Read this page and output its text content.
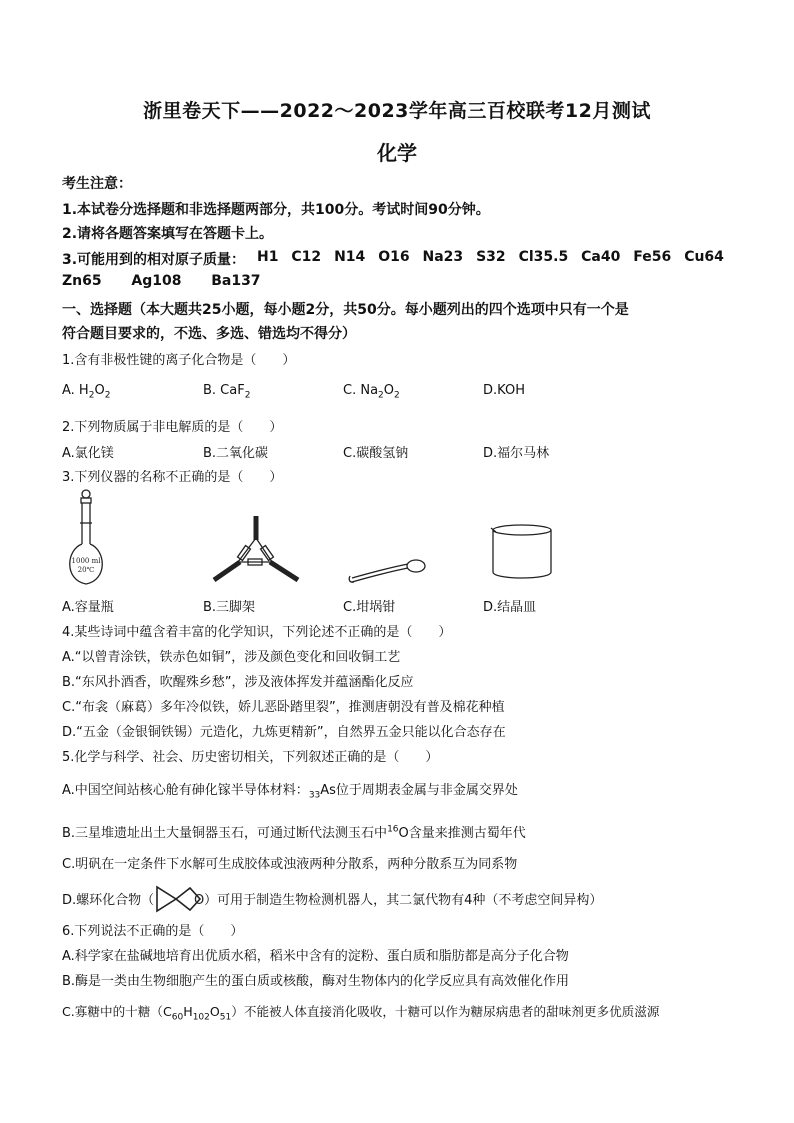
浙里卷天下——2022～2023学年高三百校联考12月测试
化学
考生注意：
1.本试卷分选择题和非选择题两部分，共100分。考试时间90分钟。
2.请将各题答案填写在答题卡上。
3.可能用到的相对原子质量： H1 C12 N14 O16 Na23 S32 Cl35.5 Ca40 Fe56 Cu64
Zn65 Ag108 Ba137
一、选择题（本大题共25小题，每小题2分，共50分。每小题列出的四个选项中只有一个是
符合题目要求的，不选、多选、错选均不得分）
1.含有非极性键的离子化合物是（　　）
A. $H_2O_2$	B. CaF$_2$	C. $Na_2O_2$	D.KOH
2.下列物质属于非电解质的是（　　）
A.氯化镁	B.二氧化碳	C.碳酸氢钠	D.福尔马林
3.下列仪器的名称不正确的是（　　）
1000 ml
20℃
A.容量瓶	B.三脚架	C.坩埚钳	D.结晶皿
4.某些诗词中蕴含着丰富的化学知识，下列论述不正确的是（　　）
A.“以曾青涂铁，铁赤色如铜”，涉及颜色变化和回收铜工艺
B.“东风扑酒香，吹醒殊乡愁”，涉及液体挥发并蕴涵酯化反应
C.“布衾（麻葛）多年冷似铁，娇儿恶卧踏里裂”，推测唐朝没有普及棉花种植
D.“五金（金银铜铁锡）元造化，九炼更精新”，自然界五金只能以化合态存在
5.化学与科学、社会、历史密切相关，下列叙述正确的是（　　）
A.中国空间站核心舱有砷化镓半导体材料：$_{33}$As位于周期表金属与非金属交界处
B.三星堆遗址出土大量铜器玉石，可通过断代法测玉石中$^{16}$O含量来推测古蜀年代
C.明矾在一定条件下水解可生成胶体或浊液两种分散系，两种分散系互为同系物
D.螺环化合物（	O ）可用于制造生物检测机器人，其二氯代物有4种（不考虑空间异构）
6.下列说法不正确的是（　　）
A.科学家在盐碱地培育出优质水稻，稻米中含有的淀粉、蛋白质和脂肪都是高分子化合物
B.酶是一类由生物细胞产生的蛋白质或核酸，酶对生物体内的化学反应具有高效催化作用
C.寡糖中的十糖$(C_{60}H_{102}O_{51})$不能被人体直接消化吸收，十糖可以作为糖尿病患者的甜味剂更多优质滋源
